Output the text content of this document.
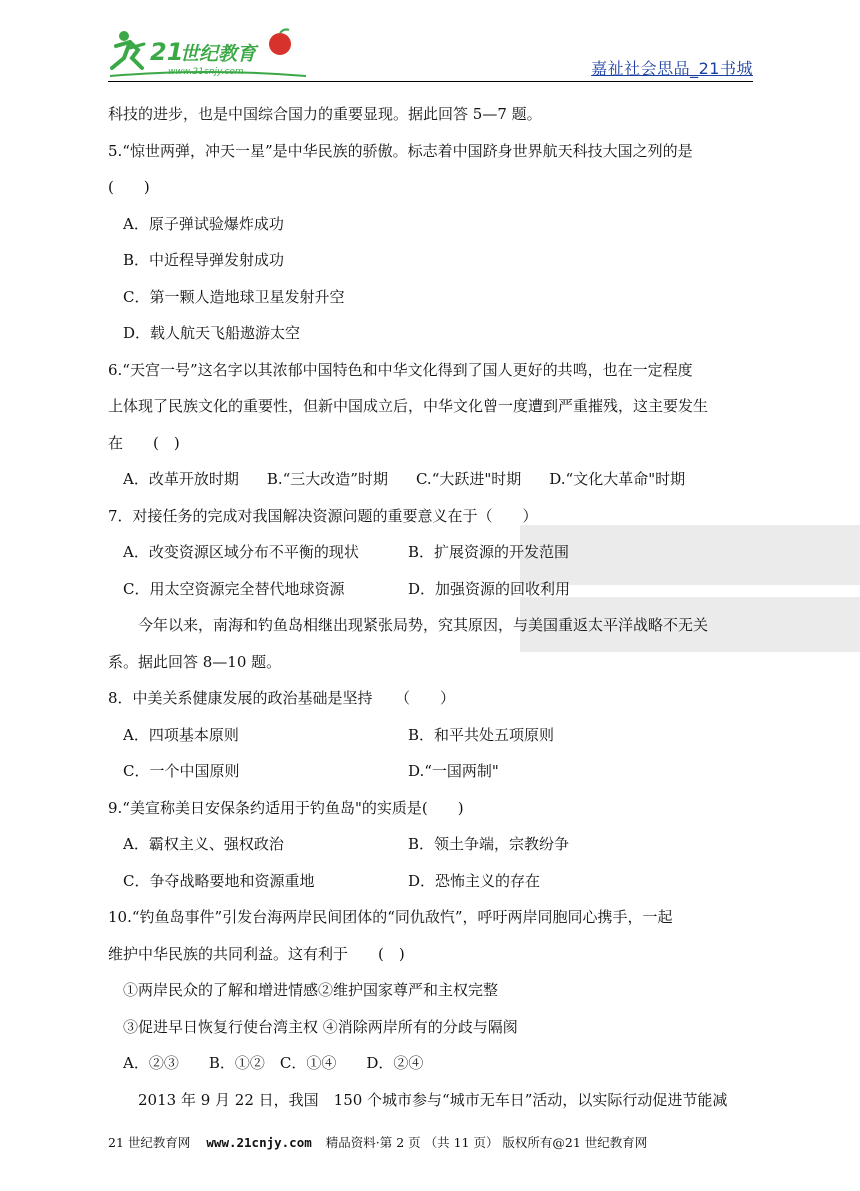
21
世纪教育
www.21cnjy.com	嘉祉社会思品_21书城
科技的进步，也是中国综合国力的重要显现。据此回答 5—7 题。
5.“惊世两弹，冲天一星”是中华民族的骄傲。标志着中国跻身世界航天科技大国之列的是
(　　)
A．原子弹试验爆炸成功
B．中近程导弹发射成功
C．第一颗人造地球卫星发射升空
D．载人航天飞船遨游太空
6.“天宫一号”这名字以其浓郁中国特色和中华文化得到了国人更好的共鸣，也在一定程度
上体现了民族文化的重要性，但新中国成立后，中华文化曾一度遭到严重摧残，这主要发生
在　　(　)
A．改革开放时期 B.“三大改造”时期 C.“大跃进"时期 D.“文化大革命"时期
7．对接任务的完成对我国解决资源问题的重要意义在于（　　）
A．改变资源区域分布不平衡的现状	B．扩展资源的开发范围
C．用太空资源完全替代地球资源	D．加强资源的回收利用
今年以来，南海和钓鱼岛相继出现紧张局势，究其原因，与美国重返太平洋战略不无关
系。据此回答 8—10 题。
8．中美关系健康发展的政治基础是坚持　　（　　）
A．四项基本原则	B．和平共处五项原则
C．一个中国原则	D.“一国两制"
9.“美宣称美日安保条约适用于钓鱼岛"的实质是(　　)
A．霸权主义、强权政治	B．领土争端，宗教纷争
C．争夺战略要地和资源重地	D．恐怖主义的存在
10.“钓鱼岛事件”引发台海两岸民间团体的“同仇敌忾”，呼吁两岸同胞同心携手，一起
维护中华民族的共同利益。这有利于　　(　)
①两岸民众的了解和增进情感②维护国家尊严和主权完整
③促进早日恢复行使台湾主权 ④消除两岸所有的分歧与隔阂
A．②③　　B．①②　C．①④　　D．②④
2013 年 9 月 22 日，我国　150 个城市参与“城市无车日”活动，以实际行动促进节能减
21 世纪教育网 www.21cnjy.com 精品资料·第 2 页 （共 11 页） 版权所有@21 世纪教育网
